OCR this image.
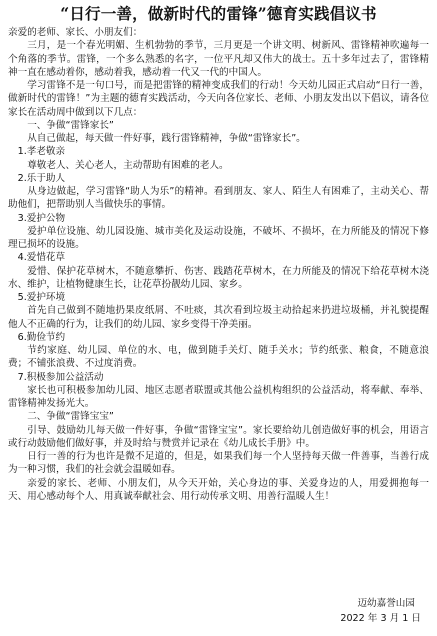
“日行一善，做新时代的雷锋”德育实践倡议书

亲爱的老师、家长、小朋友们：

三月，是一个春光明媚、生机勃勃的季节，三月更是一个讲文明、树新风、雷锋精神吹遍每一个角落的季节。雷锋，一个多么熟悉的名字，一位平凡却又伟大的战士。五十多年过去了，雷锋精神一直在感动着你，感动着我，感动着一代又一代的中国人。

学习雷锋不是一句口号，而是把雷锋的精神变成我们的行动！今天幼儿园正式启动“日行一善，做新时代的雷锋！”为主题的德育实践活动，今天向各位家长、老师、小朋友发出以下倡议，请各位家长在活动周中做到以下几点：

一、争做“雷锋家长”

从自己做起，每天做一件好事，践行雷锋精神，争做“雷锋家长”。

1.孝老敬亲

尊敬老人、关心老人，主动帮助有困难的老人。

2.乐于助人

从身边做起，学习雷锋“助人为乐”的精神。看到朋友、家人、陌生人有困难了，主动关心、帮助他们，把帮助别人当做快乐的事情。

3.爱护公物

爱护单位设施、幼儿园设施、城市美化及运动设施，不破坏、不损坏，在力所能及的情况下修理已损坏的设施。

4.爱惜花草

爱惜、保护花草树木，不随意攀折、伤害、践踏花草树木，在力所能及的情况下给花草树木浇水、维护，让植物健康生长，让花草扮靓幼儿园、家乡。

5.爱护环境

首先自己做到不随地扔果皮纸屑、不吐痰，其次看到垃圾主动拾起来扔进垃圾桶，并礼貌提醒他人不正确的行为，让我们的幼儿园、家乡变得干净美丽。

6.勤俭节约

节约家庭、幼儿园、单位的水、电，做到随手关灯、随手关水；节约纸张、粮食，不随意浪费；不铺张浪费、不过度消费。

7.积极参加公益活动

家长也可积极参加幼儿园、地区志愿者联盟或其他公益机构组织的公益活动，将奉献、奉举、雷锋精神发扬光大。

二、争做“雷锋宝宝”

引导、鼓励幼儿每天做一件好事，争做“雷锋宝宝”。家长要给幼儿创造做好事的机会，用语言或行动鼓励他们做好事，并及时给与赞赏并记录在《幼儿成长手册》中。

日行一善的行为也许是微不足道的，但是，如果我们每一个人坚持每天做一件善事，当善行成为一种习惯，我们的社会就会温暖如春。

亲爱的家长、老师、小朋友们，从今天开始，关心身边的事、关爱身边的人，用爱拥抱每一天、用心感动每个人、用真诚奉献社会、用行动传承文明、用善行温暖人生！

迈幼嘉誉山园
2022 年 3 月 1 日
